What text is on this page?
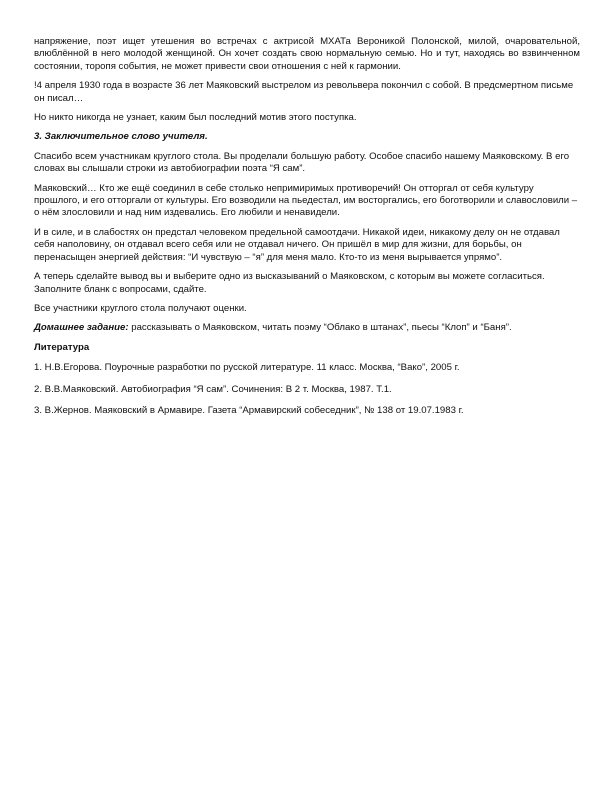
напряжение, поэт ищет утешения во встречах с актрисой МХАТа Вероникой Полонской, милой, очаровательной, влюблённой в него молодой женщиной. Он хочет создать свою нормальную семью. Но и тут, находясь во взвинченном состоянии, торопя события, не может привести свои отношения с ней к гармонии.

!4 апреля 1930 года в возрасте 36 лет Маяковский выстрелом из револьвера покончил с собой. В предсмертном письме он писал…

Но никто никогда не узнает, каким был последний мотив этого поступка.

3. Заключительное слово учителя.

Спасибо всем участникам круглого стола. Вы проделали большую работу. Особое спасибо нашему Маяковскому. В его словах вы слышали строки из автобиографии поэта “Я сам”.

Маяковский… Кто же ещё соединил в себе столько непримиримых противоречий! Он отторгал от себя культуру прошлого, и его отторгали от культуры. Его возводили на пьедестал, им восторгались, его боготворили и славословили – о нём злословили и над ним издевались. Его любили и ненавидели.

И в силе, и в слабостях он предстал человеком предельной самоотдачи. Никакой идеи, никакому делу он не отдавал себя наполовину, он отдавал всего себя или не отдавал ничего. Он пришёл в мир для жизни, для борьбы, он перенасыщен энергией действия: “И чувствую – “я” для меня мало. Кто-то из меня вырывается упрямо”.

А теперь сделайте вывод вы и выберите одно из высказываний о Маяковском, с которым вы можете согласиться. Заполните бланк с вопросами, сдайте.

Все участники круглого стола получают оценки.

Домашнее задание: рассказывать о Маяковском, читать поэму “Облако в штанах”, пьесы “Клоп” и “Баня”.

Литература

1. Н.В.Егорова. Поурочные разработки по русской литературе. 11 класс. Москва, “Вако”, 2005 г.

2. В.В.Маяковский. Автобиография “Я сам”. Сочинения: В 2 т. Москва, 1987. Т.1.

3. В.Жернов. Маяковский в Армавире. Газета “Армавирский собеседник”, № 138 от 19.07.1983 г.
